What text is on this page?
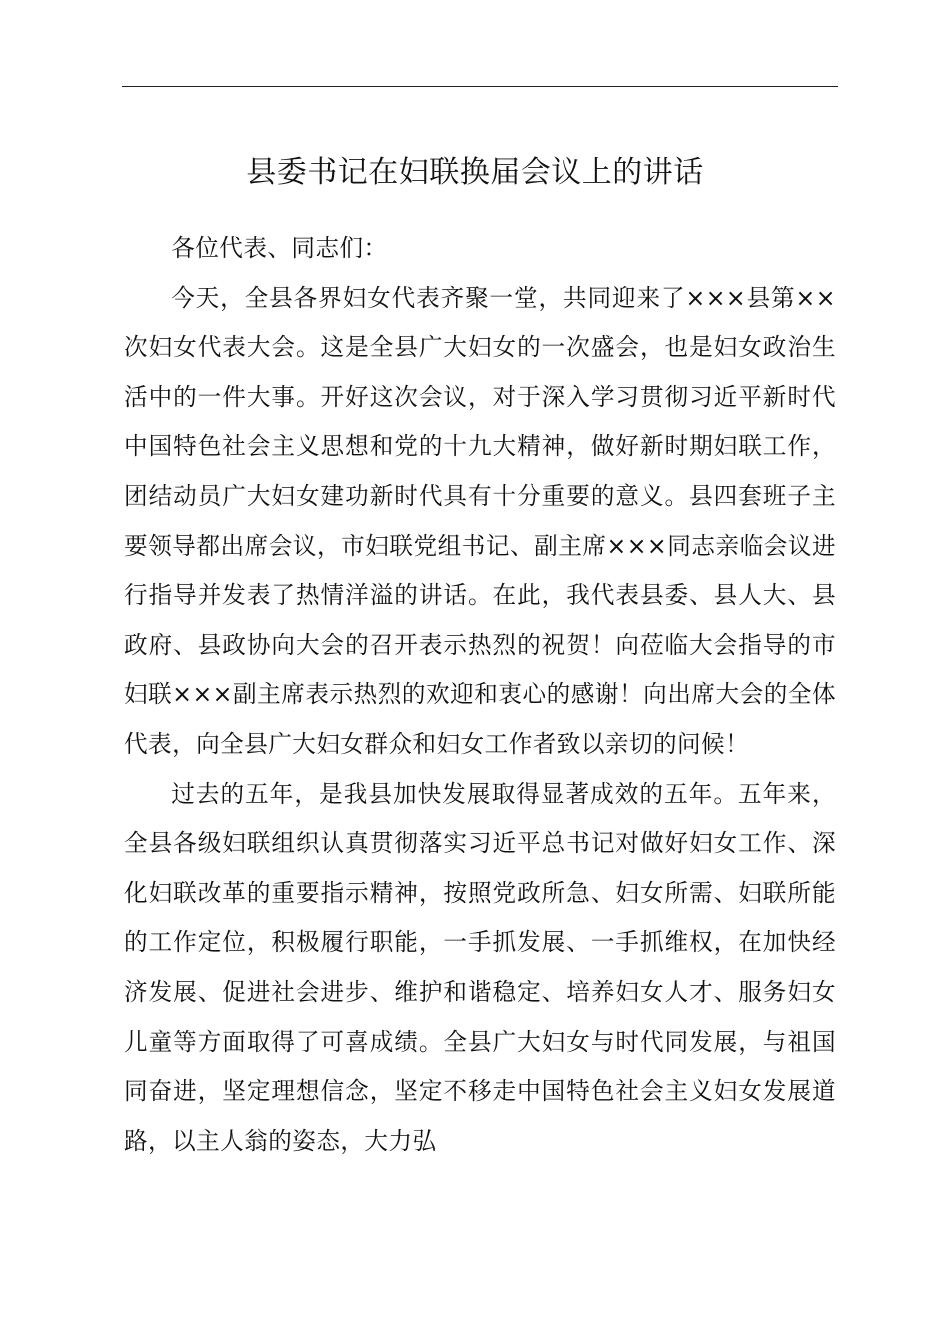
县委书记在妇联换届会议上的讲话

各位代表、同志们：

今天，全县各界妇女代表齐聚一堂，共同迎来了×××县第××次妇女代表大会。这是全县广大妇女的一次盛会，也是妇女政治生活中的一件大事。开好这次会议，对于深入学习贯彻习近平新时代中国特色社会主义思想和党的十九大精神，做好新时期妇联工作，团结动员广大妇女建功新时代具有十分重要的意义。县四套班子主要领导都出席会议，市妇联党组书记、副主席×××同志亲临会议进行指导并发表了热情洋溢的讲话。在此，我代表县委、县人大、县政府、县政协向大会的召开表示热烈的祝贺！向莅临大会指导的市妇联×××副主席表示热烈的欢迎和衷心的感谢！向出席大会的全体代表，向全县广大妇女群众和妇女工作者致以亲切的问候！

过去的五年，是我县加快发展取得显著成效的五年。五年来，全县各级妇联组织认真贯彻落实习近平总书记对做好妇女工作、深化妇联改革的重要指示精神，按照党政所急、妇女所需、妇联所能的工作定位，积极履行职能，一手抓发展、一手抓维权，在加快经济发展、促进社会进步、维护和谐稳定、培养妇女人才、服务妇女儿童等方面取得了可喜成绩。全县广大妇女与时代同发展，与祖国同奋进，坚定理想信念，坚定不移走中国特色社会主义妇女发展道路，以主人翁的姿态，大力弘
